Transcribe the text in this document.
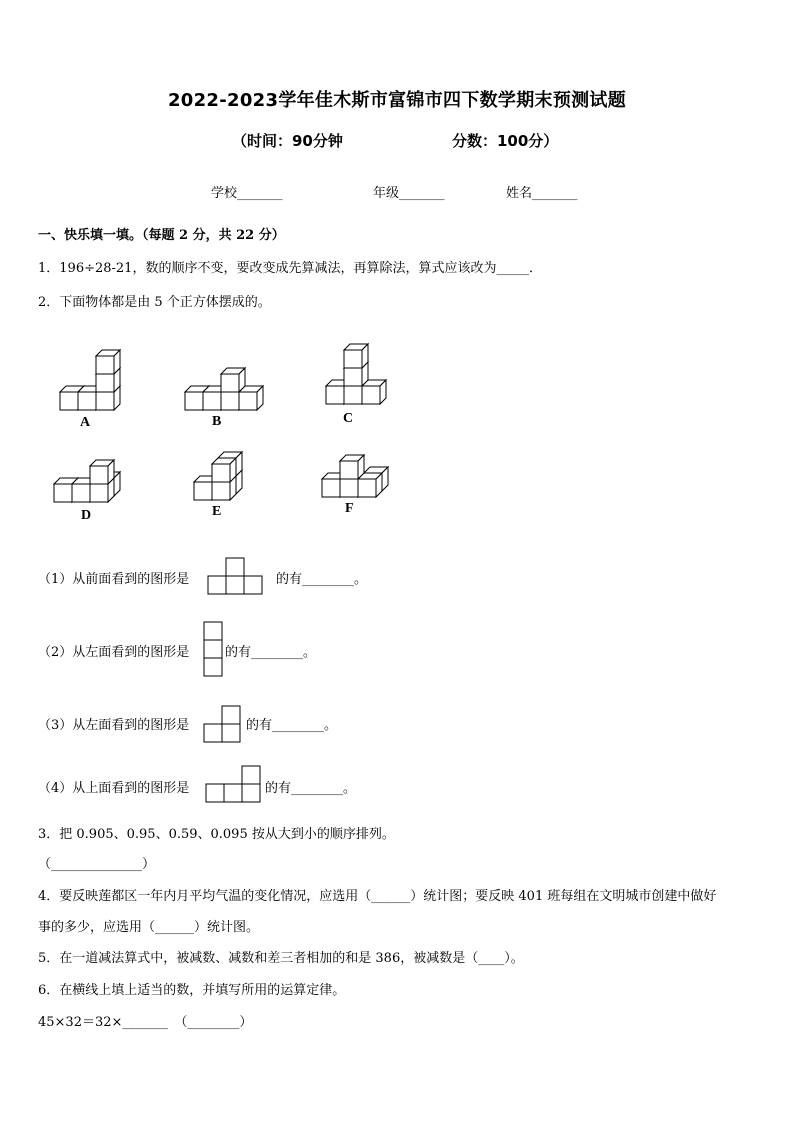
2022-2023学年佳木斯市富锦市四下数学期末预测试题
（时间：90分钟	分数：100分）
学校_______	年级_______	姓名_______
一、快乐填一填。（每题 2 分，共 22 分）
1．196÷28-21，数的顺序不变，要改变成先算减法，再算除法，算式应该改为_____．
2．下面物体都是由 5 个正方体摆成的。
A	B	C
D	E	F
（1）从前面看到的图形是	的有________。
（2）从左面看到的图形是	的有________。
（3）从左面看到的图形是	的有________。
（4）从上面看到的图形是	的有________。
3．把 0.905、0.95、0.59、0.095 按从大到小的顺序排列。
（______________）
4．要反映莲都区一年内月平均气温的变化情况，应选用（______）统计图；要反映 401 班每组在文明城市创建中做好
事的多少，应选用（______）统计图。
5．在一道减法算式中，被减数、减数和差三者相加的和是 386，被减数是（____）。
6．在横线上填上适当的数，并填写所用的运算定律。
45×32＝32×_______　（________）
